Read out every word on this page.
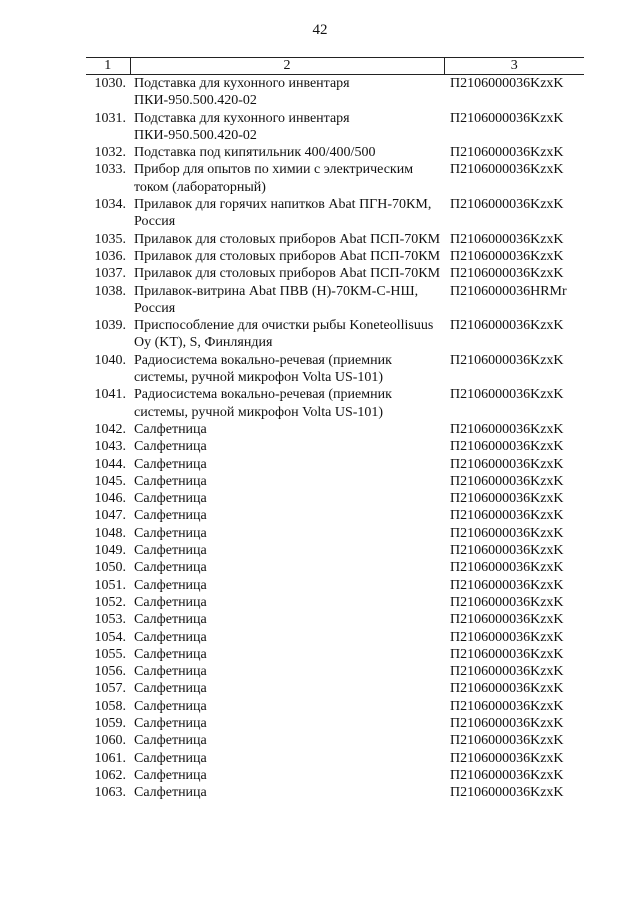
42
1	2	3
1030.	Подставка для кухонного инвентаря ПКИ-950.500.420-02	П2106000036KzxK
1031.	Подставка для кухонного инвентаря ПКИ-950.500.420-02	П2106000036KzxK
1032.	Подставка под кипятильник 400/400/500	П2106000036KzxK
1033.	Прибор для опытов по химии с электрическим током (лабораторный)	П2106000036KzxK
1034.	Прилавок для горячих напитков Abat ПГН-70КМ, Россия	П2106000036KzxK
1035.	Прилавок для столовых приборов Abat ПСП-70КМ	П2106000036KzxK
1036.	Прилавок для столовых приборов Abat ПСП-70КМ	П2106000036KzxK
1037.	Прилавок для столовых приборов Abat ПСП-70КМ	П2106000036KzxK
1038.	Прилавок-витрина Abat ПВВ (Н)-70КМ-С-НШ, Россия	П2106000036HRMr
1039.	Приспособление для очистки рыбы Koneteollisuus Oy (KT), S, Финляндия	П2106000036KzxK
1040.	Радиосистема вокально-речевая (приемник системы, ручной микрофон Volta US-101)	П2106000036KzxK
1041.	Радиосистема вокально-речевая (приемник системы, ручной микрофон Volta US-101)	П2106000036KzxK
1042.	Салфетница	П2106000036KzxK
1043.	Салфетница	П2106000036KzxK
1044.	Салфетница	П2106000036KzxK
1045.	Салфетница	П2106000036KzxK
1046.	Салфетница	П2106000036KzxK
1047.	Салфетница	П2106000036KzxK
1048.	Салфетница	П2106000036KzxK
1049.	Салфетница	П2106000036KzxK
1050.	Салфетница	П2106000036KzxK
1051.	Салфетница	П2106000036KzxK
1052.	Салфетница	П2106000036KzxK
1053.	Салфетница	П2106000036KzxK
1054.	Салфетница	П2106000036KzxK
1055.	Салфетница	П2106000036KzxK
1056.	Салфетница	П2106000036KzxK
1057.	Салфетница	П2106000036KzxK
1058.	Салфетница	П2106000036KzxK
1059.	Салфетница	П2106000036KzxK
1060.	Салфетница	П2106000036KzxK
1061.	Салфетница	П2106000036KzxK
1062.	Салфетница	П2106000036KzxK
1063.	Салфетница	П2106000036KzxK
